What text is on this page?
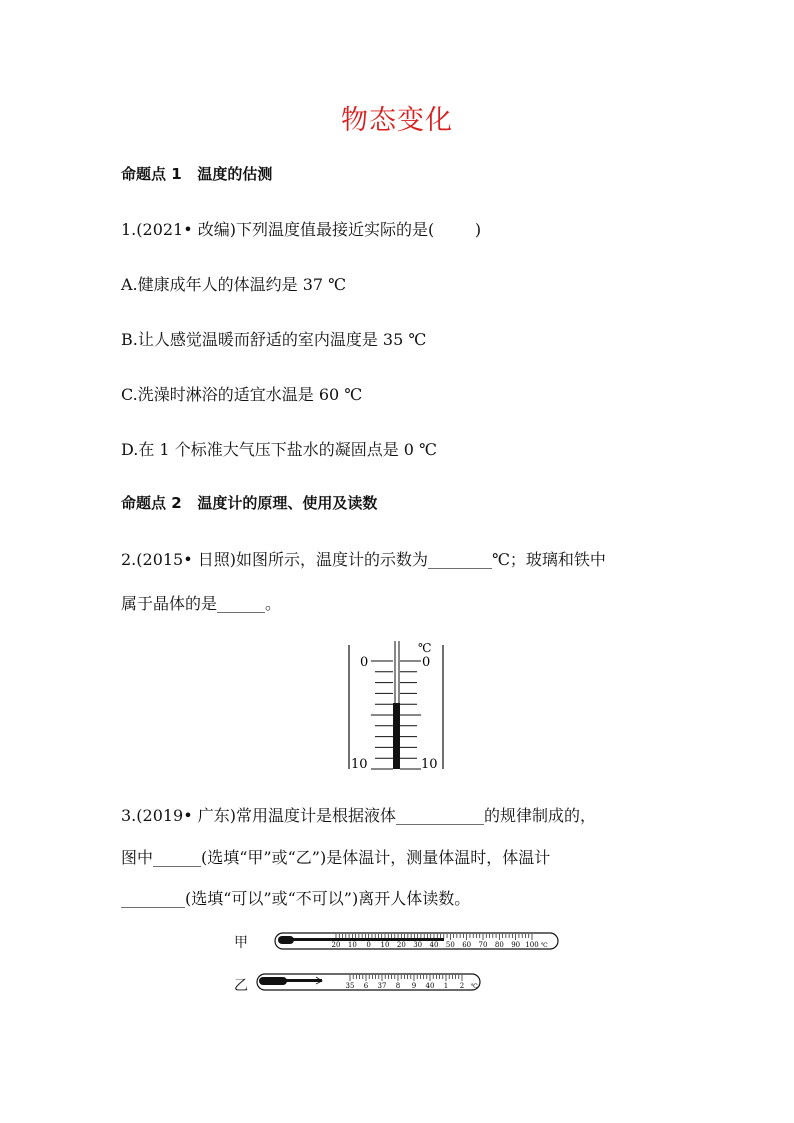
物态变化
命题点 1   温度的估测
1.(2021• 改编)下列温度值最接近实际的是(        )
A.健康成年人的体温约是 37 ℃
B.让人感觉温暖而舒适的室内温度是 35 ℃
C.洗澡时淋浴的适宜水温是 60 ℃
D.在 1 个标准大气压下盐水的凝固点是 0 ℃
命题点 2   温度计的原理、使用及读数
2.(2015• 日照)如图所示，温度计的示数为________℃；玻璃和铁中
属于晶体的是______。
℃
0	0
10	10
3.(2019• 广东)常用温度计是根据液体___________的规律制成的，
图中______(选填“甲”或“乙”)是体温计，测量体温时，体温计
________(选填“可以”或“不可以”)离开人体读数。
甲	20 10 0 10 20 30 40 50 60 70 80 90 100 ℃
乙	35 6 37 8 9 40 1 2 ℃
